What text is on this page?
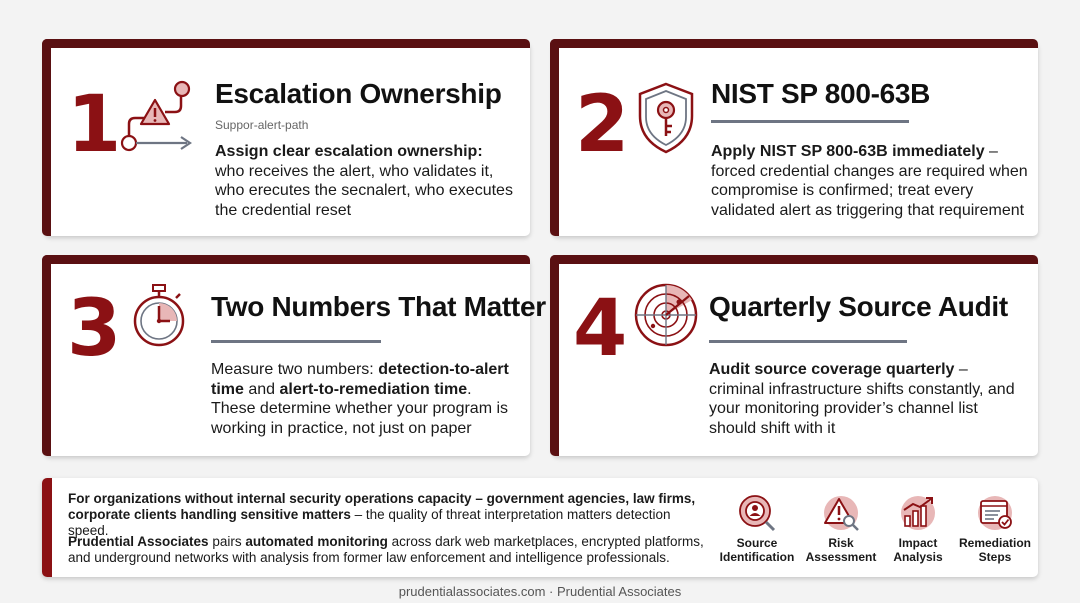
1	Escalation Ownership
Suppor-alert-path
Assign clear escalation ownership: who receives the alert, who validates it, who erecutes the secnalert, who executes the credential reset
2	NIST SP 800-63B
Apply NIST SP 800-63B immediately – forced credential changes are required when compromise is confirmed; treat every validated alert as triggering that requirement
3	Two Numbers That Matter
Measure two numbers: detection-to-alert time and alert-to-remediation time. These determine whether your program is working in practice, not just on paper
4	Quarterly Source Audit
Audit source coverage quarterly – criminal infrastructure shifts constantly, and your monitoring provider’s channel list should shift with it
For organizations without internal security operations capacity – government agencies, law firms, corporate clients handling sensitive matters – the quality of threat interpretation matters detection speed.
Prudential Associates pairs automated monitoring across dark web marketplaces, encrypted platforms, and underground networks with analysis from former law enforcement and intelligence professionals.
Source
Identification
Risk
Assessment
Impact
Analysis
Remediation
Steps
prudentialassociates.com · Prudential Associates
